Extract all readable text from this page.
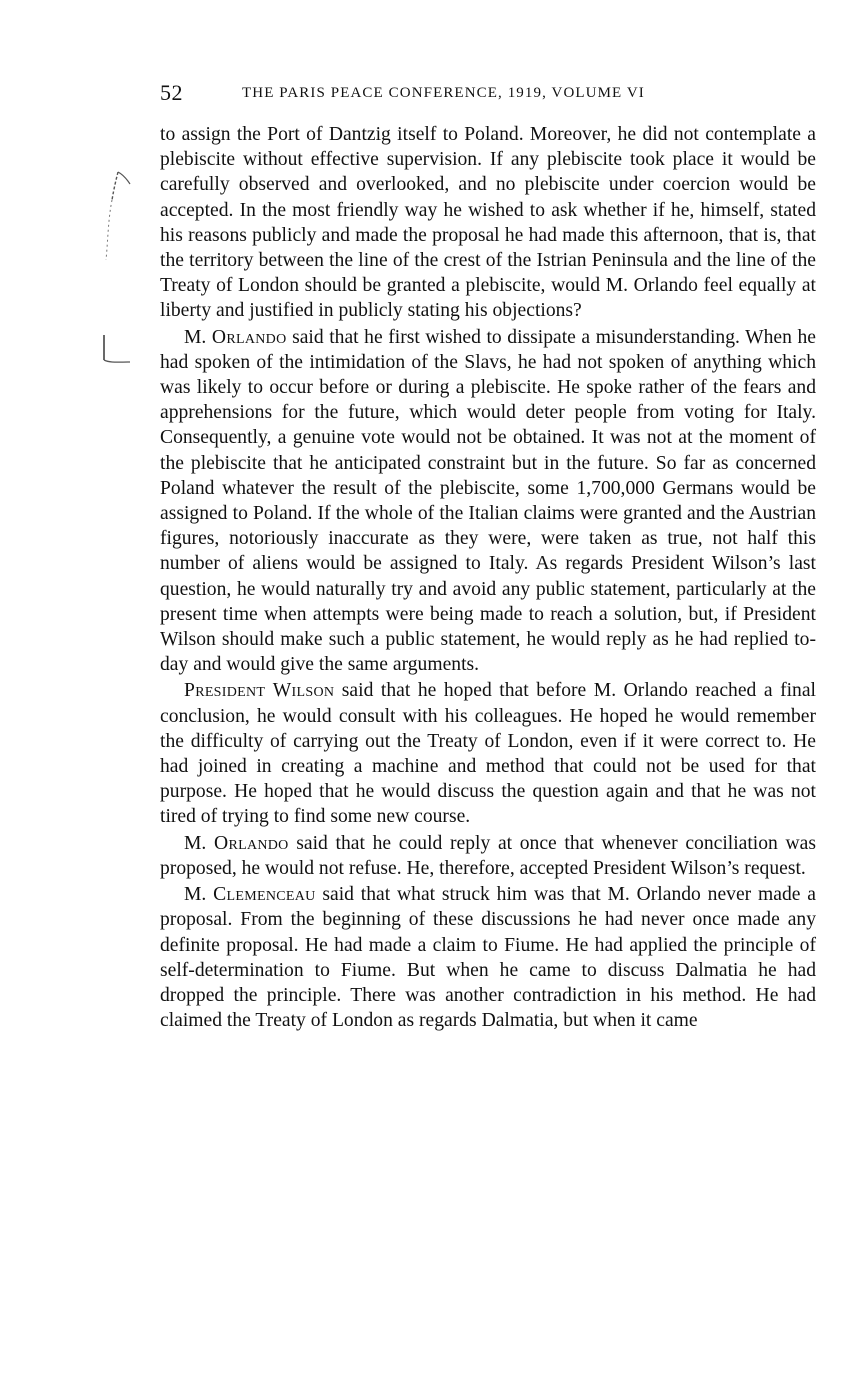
52	THE PARIS PEACE CONFERENCE, 1919, VOLUME VI

to assign the Port of Dantzig itself to Poland. Moreover, he did not contemplate a plebiscite without effective supervision. If any plebiscite took place it would be carefully observed and overlooked, and no plebiscite under coercion would be accepted. In the most friendly way he wished to ask whether if he, himself, stated his reasons publicly and made the proposal he had made this afternoon, that is, that the territory between the line of the crest of the Istrian Peninsula and the line of the Treaty of London should be granted a plebiscite, would M. Orlando feel equally at liberty and justified in publicly stating his objections?

M. Orlando said that he first wished to dissipate a misunderstanding. When he had spoken of the intimidation of the Slavs, he had not spoken of anything which was likely to occur before or during a plebiscite. He spoke rather of the fears and apprehensions for the future, which would deter people from voting for Italy. Consequently, a genuine vote would not be obtained. It was not at the moment of the plebiscite that he anticipated constraint but in the future. So far as concerned Poland whatever the result of the plebiscite, some 1,700,000 Germans would be assigned to Poland. If the whole of the Italian claims were granted and the Austrian figures, notoriously inaccurate as they were, were taken as true, not half this number of aliens would be assigned to Italy. As regards President Wilson’s last question, he would naturally try and avoid any public statement, particularly at the present time when attempts were being made to reach a solution, but, if President Wilson should make such a public statement, he would reply as he had replied to-day and would give the same arguments.

President Wilson said that he hoped that before M. Orlando reached a final conclusion, he would consult with his colleagues. He hoped he would remember the difficulty of carrying out the Treaty of London, even if it were correct to. He had joined in creating a machine and method that could not be used for that purpose. He hoped that he would discuss the question again and that he was not tired of trying to find some new course.

M. Orlando said that he could reply at once that whenever conciliation was proposed, he would not refuse. He, therefore, accepted President Wilson’s request.

M. Clemenceau said that what struck him was that M. Orlando never made a proposal. From the beginning of these discussions he had never once made any definite proposal. He had made a claim to Fiume. He had applied the principle of self-determination to Fiume. But when he came to discuss Dalmatia he had dropped the principle. There was another contradiction in his method. He had claimed the Treaty of London as regards Dalmatia, but when it came
